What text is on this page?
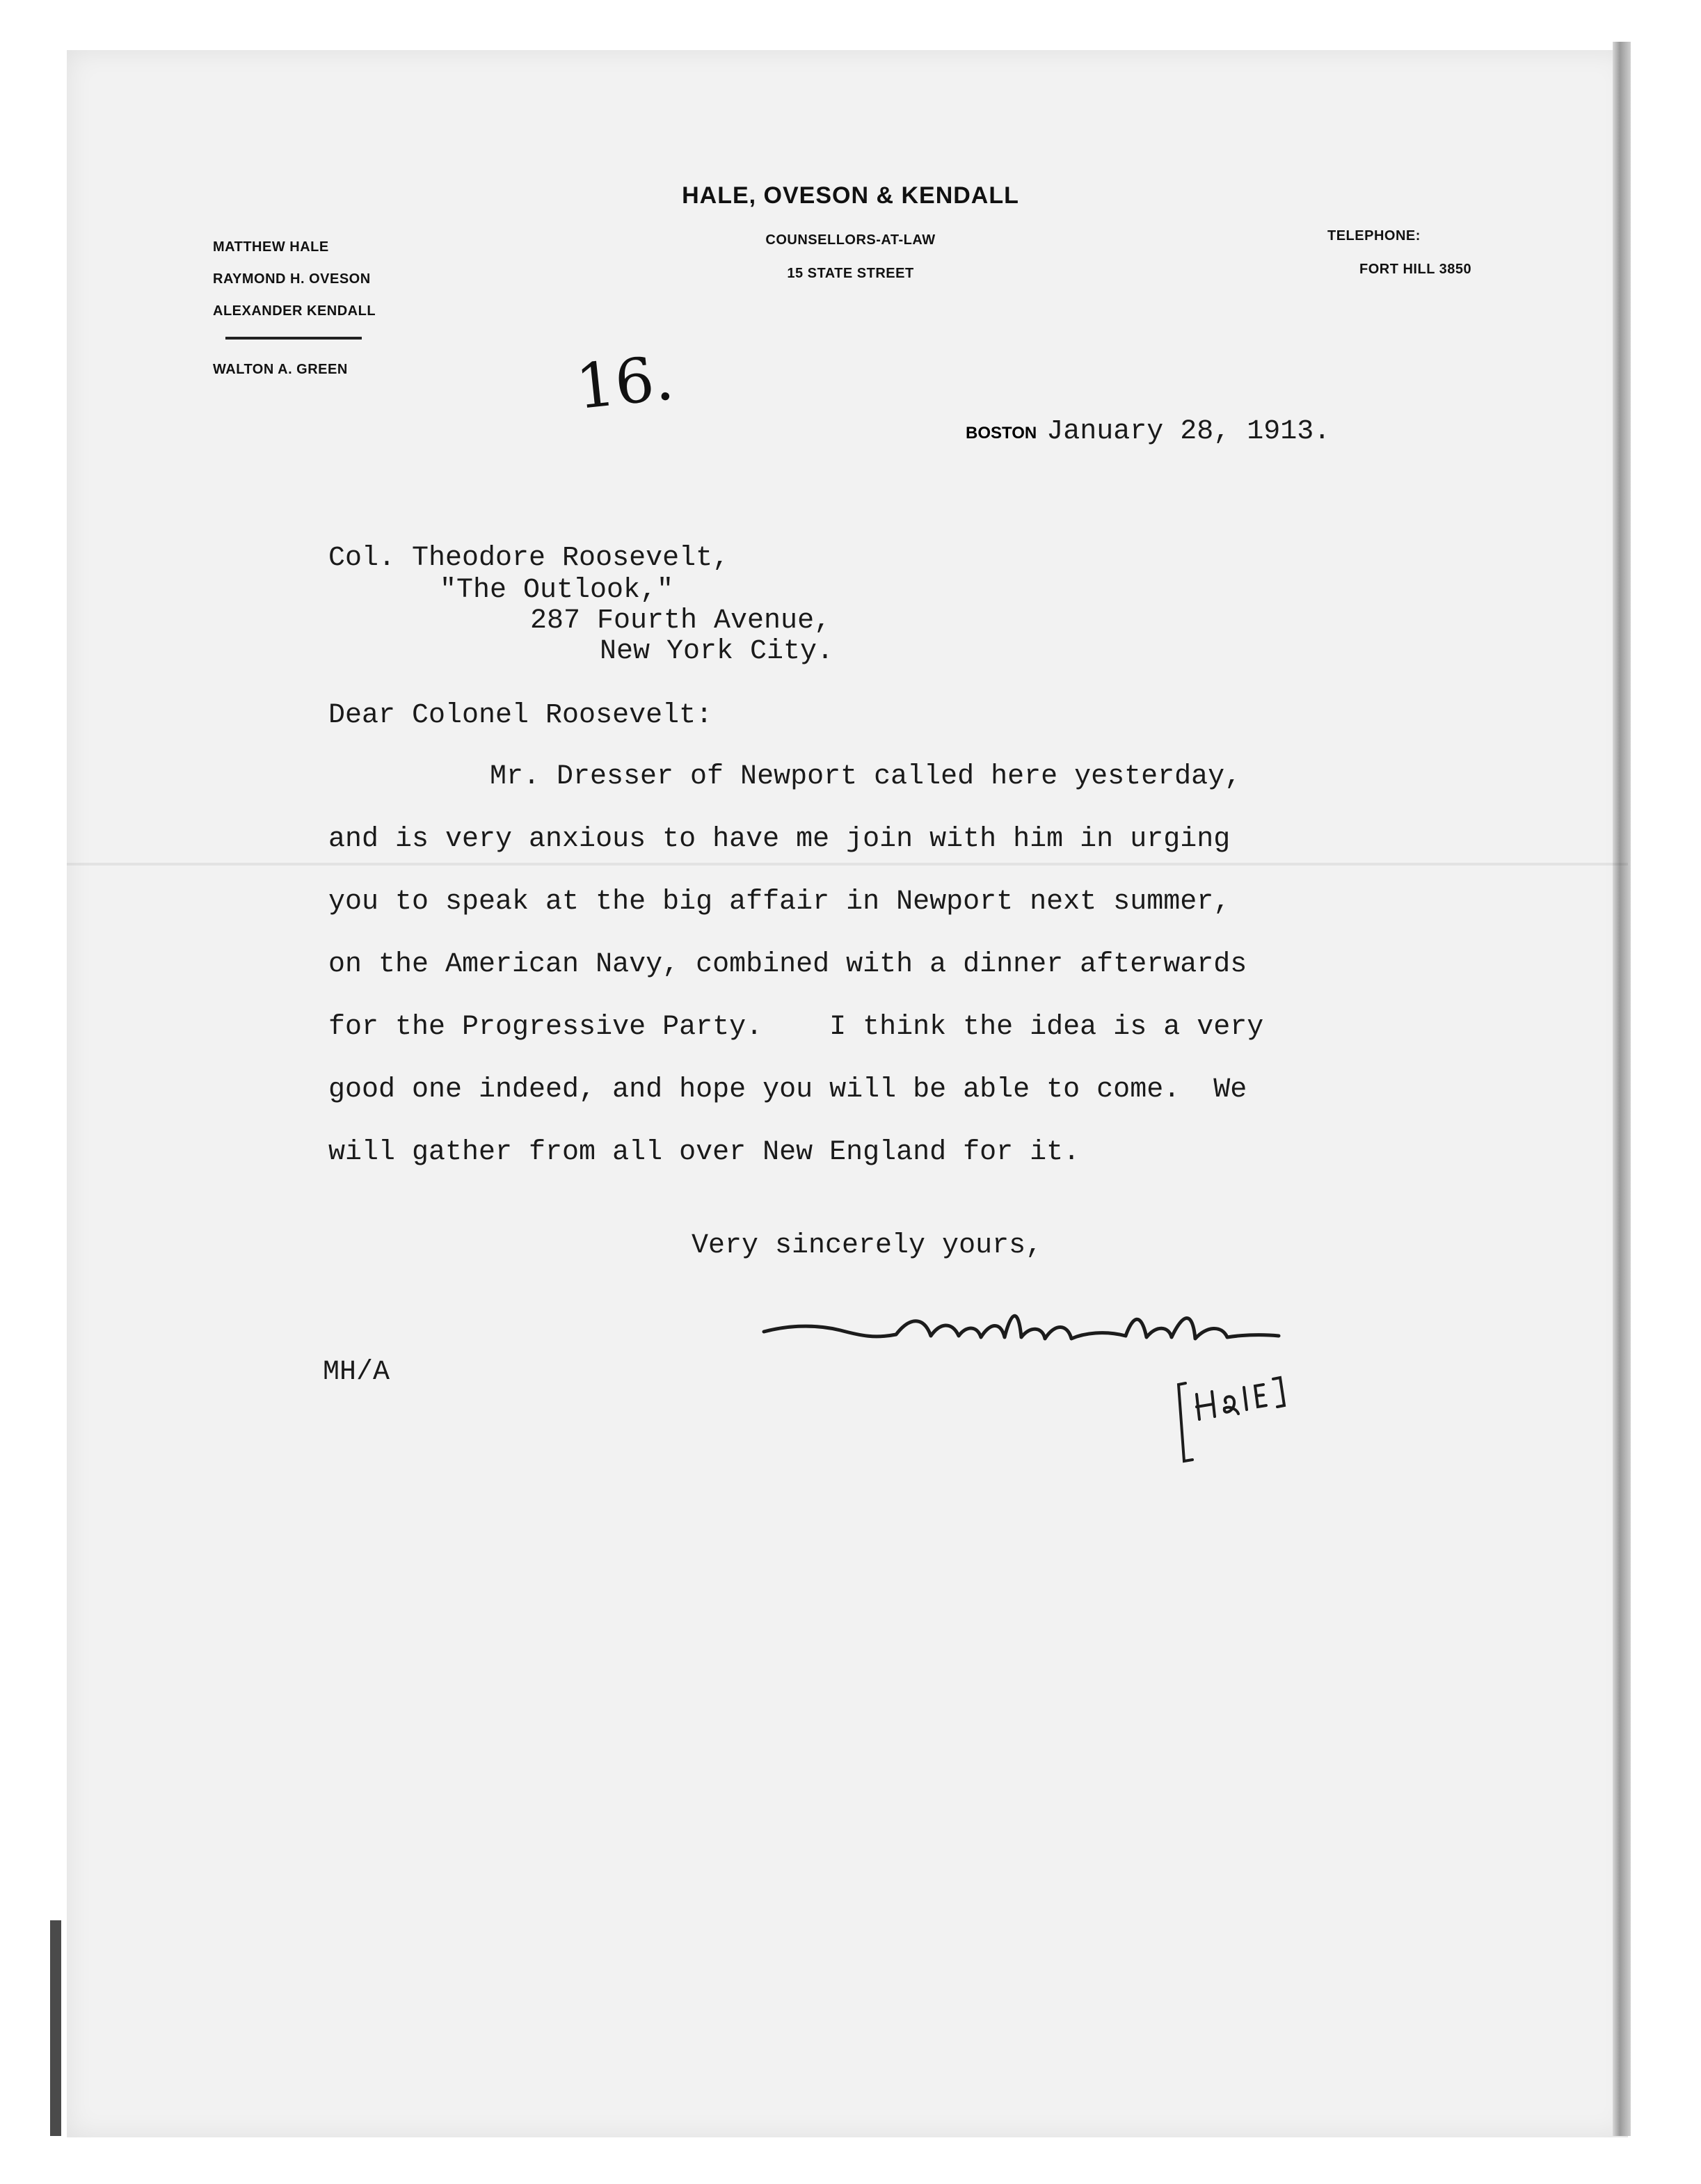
HALE, OVESON & KENDALL
COUNSELLORS-AT-LAW
15 STATE STREET
MATTHEW HALE
RAYMOND H. OVESON
ALEXANDER KENDALL
WALTON A. GREEN
TELEPHONE:
FORT HILL 3850
16.
BOSTON January 28, 1913.
Col. Theodore Roosevelt,
"The Outlook,"
287 Fourth Avenue,
New York City.
Dear Colonel Roosevelt:
Mr. Dresser of Newport called here yesterday,
and is very anxious to have me join with him in urging
you to speak at the big affair in Newport next summer,
on the American Navy, combined with a dinner afterwards
for the Progressive Party.    I think the idea is a very
good one indeed, and hope you will be able to come.  We
will gather from all over New England for it.
Very sincerely yours,
MH/A
